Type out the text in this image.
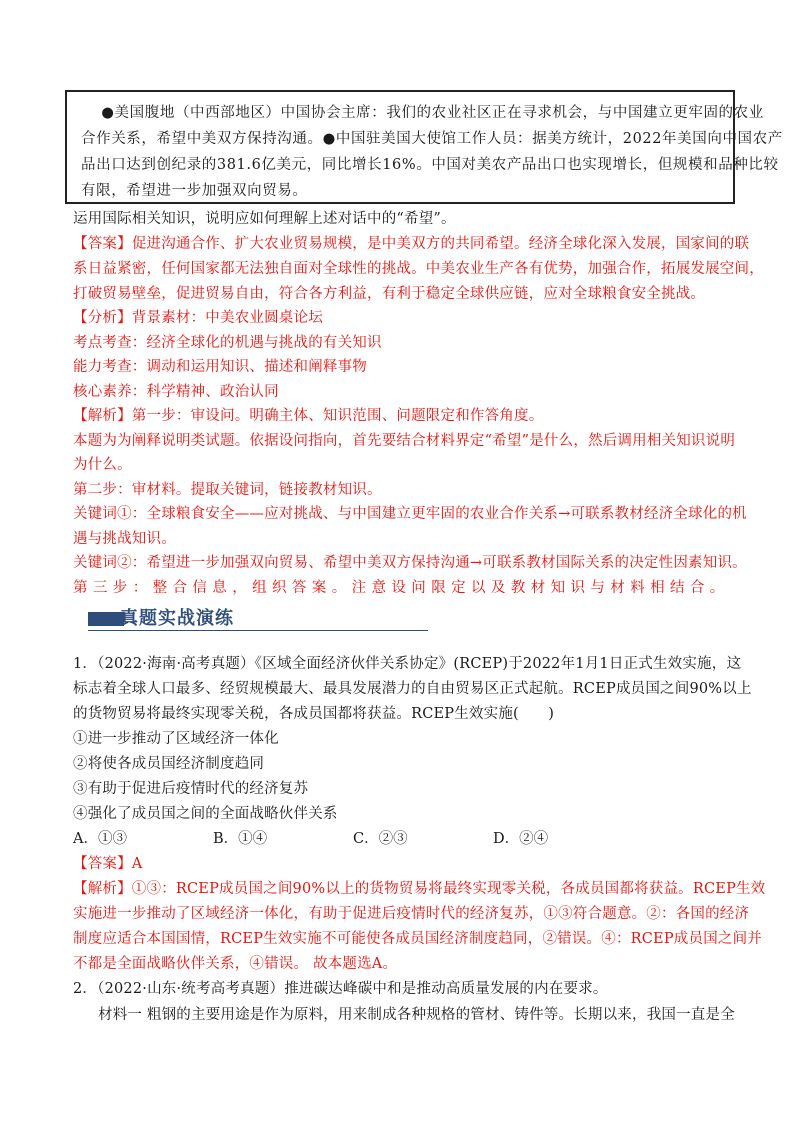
●美国腹地（中西部地区）中国协会主席：我们的农业社区正在寻求机会，与中国建立更牢固的农业

合作关系，希望中美双方保持沟通。●中国驻美国大使馆工作人员：据美方统计，2022年美国向中国农产

品出口达到创纪录的381.6亿美元，同比增长16%。中国对美农产品出口也实现增长，但规模和品种比较

有限，希望进一步加强双向贸易。

运用国际相关知识，说明应如何理解上述对话中的“希望”。
【答案】促进沟通合作、扩大农业贸易规模，是中美双方的共同希望。经济全球化深入发展，国家间的联
系日益紧密，任何国家都无法独自面对全球性的挑战。中美农业生产各有优势，加强合作，拓展发展空间，
打破贸易壁垒，促进贸易自由，符合各方利益，有利于稳定全球供应链，应对全球粮食安全挑战。
【分析】背景素材：中美农业圆桌论坛
考点考查：经济全球化的机遇与挑战的有关知识
能力考查：调动和运用知识、描述和阐释事物
核心素养：科学精神、政治认同
【解析】第一步：审设问。明确主体、知识范围、问题限定和作答角度。
本题为为阐释说明类试题。依据设问指向，首先要结合材料界定“希望”是什么，然后调用相关知识说明
为什么。
第二步：审材料。提取关键词，链接教材知识。
关键词①：全球粮食安全——应对挑战、与中国建立更牢固的农业合作关系→可联系教材经济全球化的机
遇与挑战知识。
关键词②：希望进一步加强双向贸易、希望中美双方保持沟通→可联系教材国际关系的决定性因素知识。
第三步：整合信息，组织答案。注意设问限定以及教材知识与材料相结合。
真题实战演练
1．（2022·海南·高考真题）《区域全面经济伙伴关系协定》(RCEP)于2022年1月1日正式生效实施，这
标志着全球人口最多、经贸规模最大、最具发展潜力的自由贸易区正式起航。RCEP成员国之间90%以上
的货物贸易将最终实现零关税，各成员国都将获益。RCEP生效实施(　　)
①进一步推动了区域经济一体化
②将使各成员国经济制度趋同
③有助于促进后疫情时代的经济复苏
④强化了成员国之间的全面战略伙伴关系
A．①③	B．①④	C．②③	D．②④
【答案】A
【解析】①③：RCEP成员国之间90%以上的货物贸易将最终实现零关税，各成员国都将获益。RCEP生效
实施进一步推动了区域经济一体化，有助于促进后疫情时代的经济复苏，①③符合题意。②：各国的经济
制度应适合本国国情，RCEP生效实施不可能使各成员国经济制度趋同，②错误。④：RCEP成员国之间并
不都是全面战略伙伴关系，④错误。 故本题选A。
2．（2022·山东·统考高考真题）推进碳达峰碳中和是推动高质量发展的内在要求。
材料一 粗钢的主要用途是作为原料，用来制成各种规格的管材、铸件等。长期以来，我国一直是全
